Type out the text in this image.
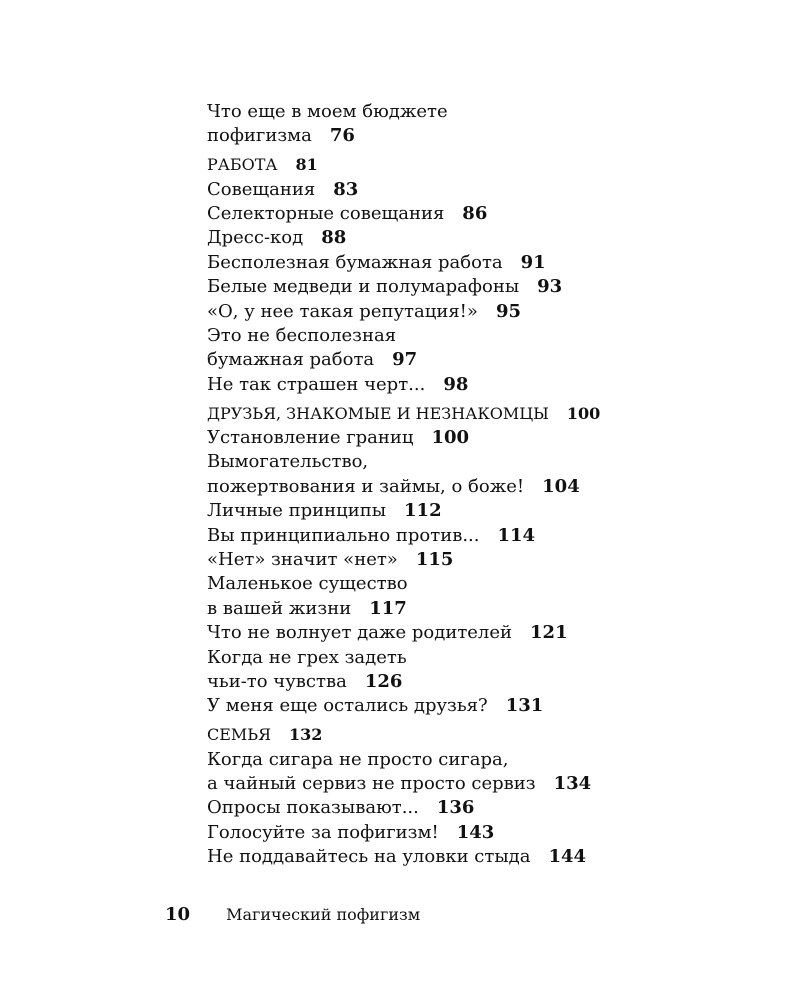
Что еще в моем бюджете
пофигизма 76
РАБОТА 81
Совещания 83
Селекторные совещания 86
Дресс-код 88
Бесполезная бумажная работа 91
Белые медведи и полумарафоны 93
«О, у нее такая репутация!» 95
Это не бесполезная
бумажная работа 97
Не так страшен черт... 98
ДРУЗЬЯ, ЗНАКОМЫЕ И НЕЗНАКОМЦЫ 100
Установление границ 100
Вымогательство,
пожертвования и займы, о боже! 104
Личные принципы 112
Вы принципиально против... 114
«Нет» значит «нет» 115
Маленькое существо
в вашей жизни 117
Что не волнует даже родителей 121
Когда не грех задеть
чьи-то чувства 126
У меня еще остались друзья? 131
СЕМЬЯ 132
Когда сигара не просто сигара,
а чайный сервиз не просто сервиз 134
Опросы показывают... 136
Голосуйте за пофигизм! 143
Не поддавайтесь на уловки стыда 144
10 Магический пофигизм
